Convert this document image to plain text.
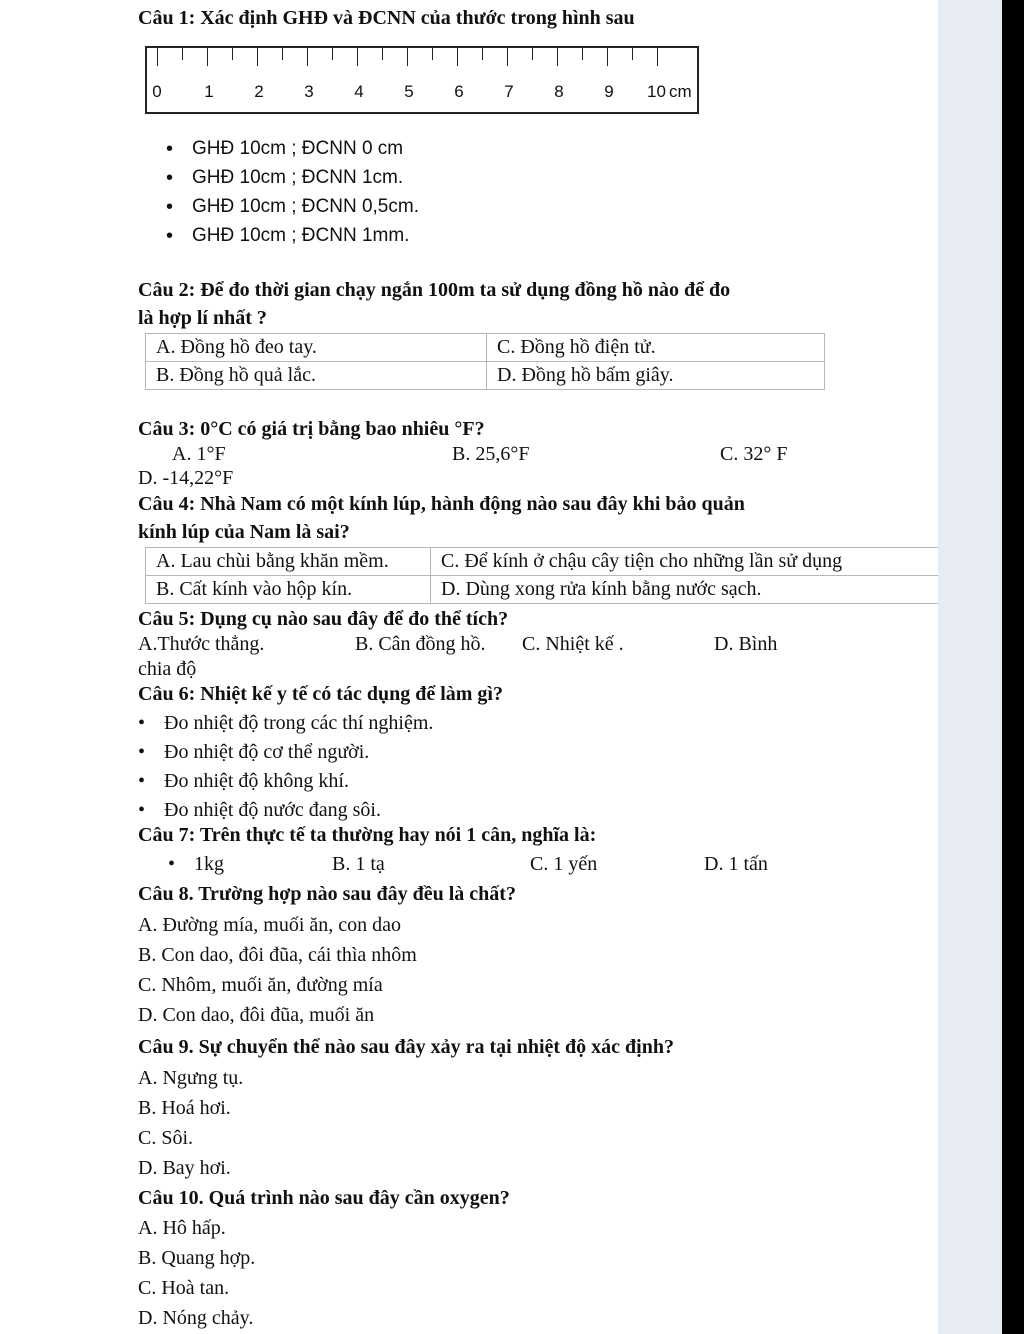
Câu 1: Xác định GHĐ và ĐCNN của thước trong hình sau
0	1 2 3 4 5 6 7 8 9 10 cm
• GHĐ 10cm ; ĐCNN 0 cm
• GHĐ 10cm ; ĐCNN 1cm.
• GHĐ 10cm ; ĐCNN 0,5cm.
• GHĐ 10cm ; ĐCNN 1mm.
Câu 2: Để đo thời gian chạy ngắn 100m ta sử dụng đồng hồ nào để đo
là hợp lí nhất ?
A. Đồng hồ đeo tay.	C. Đồng hồ điện tử.
B. Đồng hồ quả lắc.	D. Đồng hồ bấm giây.
Câu 3: 0°C có giá trị bằng bao nhiêu °F?
A. 1°F	B. 25,6°F	C. 32° F
D. -14,22°F
Câu 4: Nhà Nam có một kính lúp, hành động nào sau đây khi bảo quản
kính lúp của Nam là sai?
A. Lau chùi bằng khăn mềm.	C. Để kính ở chậu cây tiện cho những lần sử dụng
B. Cất kính vào hộp kín.	D. Dùng xong rửa kính bằng nước sạch.
Câu 5: Dụng cụ nào sau đây để đo thể tích?
A.Thước thẳng.	B. Cân đồng hồ. C. Nhiệt kế .	D. Bình
chia độ
Câu 6: Nhiệt kế y tế có tác dụng để làm gì?
• Đo nhiệt độ trong các thí nghiệm.
• Đo nhiệt độ cơ thể người.
• Đo nhiệt độ không khí.
• Đo nhiệt độ nước đang sôi.
Câu 7: Trên thực tế ta thường hay nói 1 cân, nghĩa là:
• 1kg	B. 1 tạ	C. 1 yến	D. 1 tấn
Câu 8. Trường hợp nào sau đây đều là chất?
A. Đường mía, muối ăn, con dao
B. Con dao, đôi đũa, cái thìa nhôm
C. Nhôm, muối ăn, đường mía
D. Con dao, đôi đũa, muối ăn
Câu 9. Sự chuyển thể nào sau đây xảy ra tại nhiệt độ xác định?
A. Ngưng tụ.
B. Hoá hơi.
C. Sôi.
D. Bay hơi.
Câu 10. Quá trình nào sau đây cần oxygen?
A. Hô hấp.
B. Quang hợp.
C. Hoà tan.
D. Nóng chảy.
